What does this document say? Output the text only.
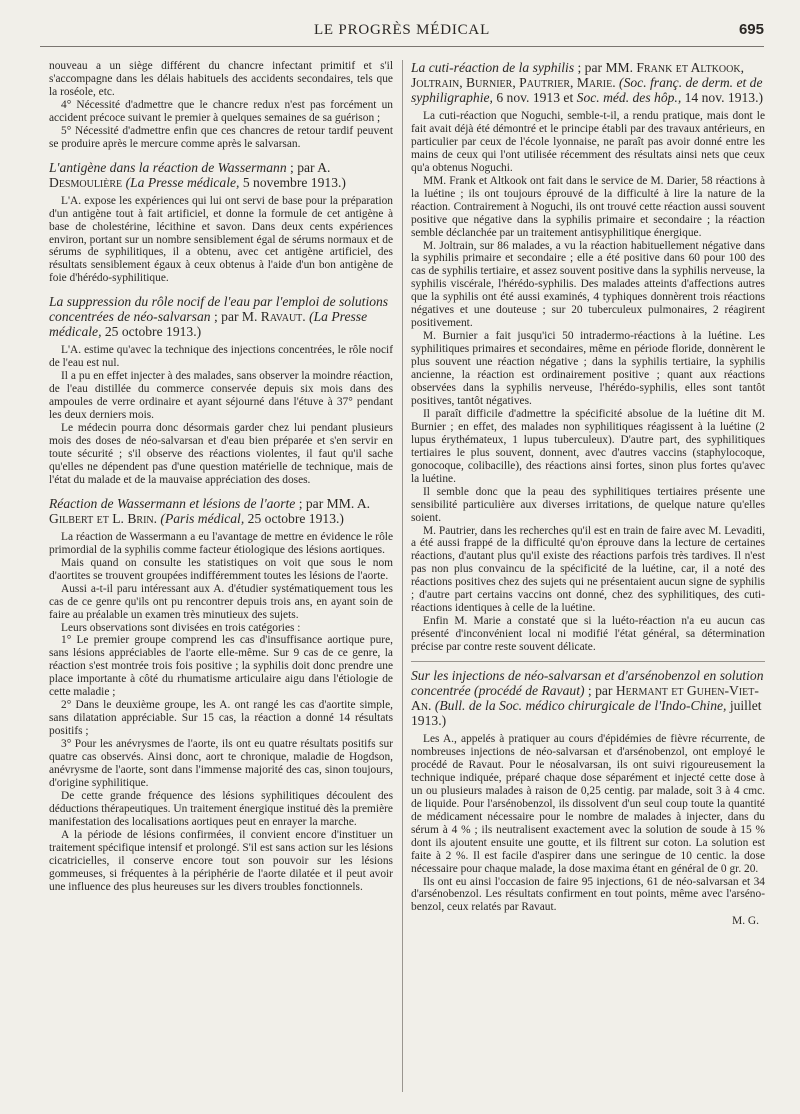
LE PROGRÈS MÉDICAL	695

nouveau a un siège différent du chancre infectant primitif et s'il s'accompagne dans les délais habituels des accidents secondaires, tels que la roséole, etc.

4° Nécessité d'admettre que le chancre redux n'est pas forcément un accident précoce suivant le premier à quelques semaines de sa guérison ;

5° Nécessité d'admettre enfin que ces chancres de retour tardif peuvent se produire après le mercure comme après le salvarsan.

L'antigène dans la réaction de Wassermann ; par A. Desmoulière (La Presse médicale, 5 novembre 1913.)

L'A. expose les expériences qui lui ont servi de base pour la préparation d'un antigène tout à fait artificiel, et donne la formule de cet antigène à base de cholestérine, lécithine et savon. Dans deux cents expériences environ, portant sur un nombre sensiblement égal de sérums normaux et de sérums de syphilitiques, il a obtenu, avec cet antigène artificiel, des résultats sensiblement égaux à ceux obtenus à l'aide d'un bon antigène de foie d'hérédo-syphilitique.

La suppression du rôle nocif de l'eau par l'emploi de solutions concentrées de néo-salvarsan ; par M. Ravaut. (La Presse médicale, 25 octobre 1913.)

L'A. estime qu'avec la technique des injections concentrées, le rôle nocif de l'eau est nul.

Il a pu en effet injecter à des malades, sans observer la moindre réaction, de l'eau distillée du commerce conservée depuis six mois dans des ampoules de verre ordinaire et ayant séjourné dans l'étuve à 37° pendant les deux derniers mois.

Le médecin pourra donc désormais garder chez lui pendant plusieurs mois des doses de néo-salvarsan et d'eau bien préparée et s'en servir en toute sécurité ; s'il observe des réactions violentes, il faut qu'il sache qu'elles ne dépendent pas d'une question matérielle de technique, mais de l'état du malade et de la mauvaise appréciation des doses.

Réaction de Wassermann et lésions de l'aorte ; par MM. A. Gilbert et L. Brin. (Paris médical, 25 octobre 1913.)

La réaction de Wassermann a eu l'avantage de mettre en évidence le rôle primordial de la syphilis comme facteur étiologique des lésions aortiques.

Mais quand on consulte les statistiques on voit que sous le nom d'aortites se trouvent groupées indifféremment toutes les lésions de l'aorte.

Aussi a-t-il paru intéressant aux A. d'étudier systématiquement tous les cas de ce genre qu'ils ont pu rencontrer depuis trois ans, en ayant soin de faire au préalable un examen très minutieux des sujets.

Leurs observations sont divisées en trois catégories :

1° Le premier groupe comprend les cas d'insuffisance aortique pure, sans lésions appréciables de l'aorte elle-même. Sur 9 cas de ce genre, la réaction s'est montrée trois fois positive ; la syphilis doit donc prendre une place importante à côté du rhumatisme articulaire aigu dans l'étiologie de cette maladie ;

2° Dans le deuxième groupe, les A. ont rangé les cas d'aortite simple, sans dilatation appréciable. Sur 15 cas, la réaction a donné 14 résultats positifs ;

3° Pour les anévrysmes de l'aorte, ils ont eu quatre résultats positifs sur quatre cas observés. Ainsi donc, aort te chronique, maladie de Hogdson, anévrysme de l'aorte, sont dans l'immense majorité des cas, sinon toujours, d'origine syphilitique.

De cette grande fréquence des lésions syphilitiques découlent des déductions thérapeutiques. Un traitement énergique institué dès la première manifestation des localisations aortiques peut en enrayer la marche.

A la période de lésions confirmées, il convient encore d'instituer un traitement spécifique intensif et prolongé. S'il est sans action sur les lésions cicatricielles, il conserve encore tout son pouvoir sur les lésions gommeuses, si fréquentes à la périphérie de l'aorte dilatée et il peut avoir une influence des plus heureuses sur les divers troubles fonctionnels.

La cuti-réaction de la syphilis ; par MM. Frank et Altkook, Joltrain, Burnier, Pautrier, Marie. (Soc. franç. de derm. et de syphiligraphie, 6 nov. 1913 et Soc. méd. des hôp., 14 nov. 1913.)

La cuti-réaction que Noguchi, semble-t-il, a rendu pratique, mais dont le fait avait déjà été démontré et le principe établi par des travaux antérieurs, en particulier par ceux de l'école lyonnaise, ne paraît pas avoir donné entre les mains de ceux qui l'ont utilisée récemment des résultats ainsi nets que ceux qu'a obtenus Noguchi.

MM. Frank et Altkook ont fait dans le service de M. Darier, 58 réactions à la luétine ; ils ont toujours éprouvé de la difficulté à lire la nature de la réaction. Contrairement à Noguchi, ils ont trouvé cette réaction aussi souvent positive que négative dans la syphilis primaire et secondaire ; la réaction semble déclanchée par un traitement antisyphilitique énergique.

M. Joltrain, sur 86 malades, a vu la réaction habituellement négative dans la syphilis primaire et secondaire ; elle a été positive dans 60 pour 100 des cas de syphilis tertiaire, et assez souvent positive dans la syphilis nerveuse, la syphilis viscérale, l'hérédo-syphilis. Des malades atteints d'affections autres que la syphilis ont été aussi examinés, 4 typhiques donnèrent trois réactions négatives et une douteuse ; sur 20 tuberculeux pulmonaires, 2 réagirent positivement.

M. Burnier a fait jusqu'ici 50 intradermo-réactions à la luétine. Les syphilitiques primaires et secondaires, même en période floride, donnèrent le plus souvent une réaction négative ; dans la syphilis tertiaire, la syphilis ancienne, la réaction est ordinairement positive ; quant aux réactions observées dans la syphilis nerveuse, l'hérédo-syphilis, elles sont tantôt positives, tantôt négatives.

Il paraît difficile d'admettre la spécificité absolue de la luétine dit M. Burnier ; en effet, des malades non syphilitiques réagissent à la luétine (2 lupus érythémateux, 1 lupus tuberculeux). D'autre part, des syphilitiques tertiaires le plus souvent, donnent, avec d'autres vaccins (staphylocoque, gonocoque, colibacille), des réactions ainsi fortes, sinon plus fortes qu'avec la luétine.

Il semble donc que la peau des syphilitiques tertiaires présente une sensibilité particulière aux diverses irritations, de quelque nature qu'elles soient.

M. Pautrier, dans les recherches qu'il est en train de faire avec M. Levaditi, a été aussi frappé de la difficulté qu'on éprouve dans la lecture de certaines réactions, d'autant plus qu'il existe des réactions parfois très tardives. Il n'est pas non plus convaincu de la spécificité de la luétine, car, il a noté des réactions positives chez des sujets qui ne présentaient aucun signe de syphilis ; d'autre part certains vaccins ont donné, chez des syphilitiques, des cuti-réactions identiques à celle de la luétine.

Enfin M. Marie a constaté que si la luéto-réaction n'a eu aucun cas présenté d'inconvénient local ni modifié l'état général, sa détermination précise par contre reste souvent délicate.

Sur les injections de néo-salvarsan et d'arsénobenzol en solution concentrée (procédé de Ravaut) ; par Hermant et Guhen-Viet-An. (Bull. de la Soc. médico chirurgicale de l'Indo-Chine, juillet 1913.)

Les A., appelés à pratiquer au cours d'épidémies de fièvre récurrente, de nombreuses injections de néo-salvarsan et d'arsénobenzol, ont employé le procédé de Ravaut. Pour le néosalvarsan, ils ont suivi rigoureusement la technique indiquée, préparé chaque dose séparément et injecté cette dose à un ou plusieurs malades à raison de 0,25 centig. par malade, soit 3 à 4 cmc. de liquide. Pour l'arsénobenzol, ils dissolvent d'un seul coup toute la quantité de médicament nécessaire pour le nombre de malades à injecter, dans du sérum à 4 % ; ils neutralisent exactement avec la solution de soude à 15 % dont ils ajoutent ensuite une goutte, et ils filtrent sur coton. La solution est faite à 2 %. Il est facile d'aspirer dans une seringue de 10 centic. la dose nécessaire pour chaque malade, la dose maxima étant en général de 0 gr. 20.

Ils ont eu ainsi l'occasion de faire 95 injections, 61 de néo-salvarsan et 34 d'arsénobenzol. Les résultats confirment en tout points, même avec l'arséno-benzol, ceux relatés par Ravaut.

M. G.
